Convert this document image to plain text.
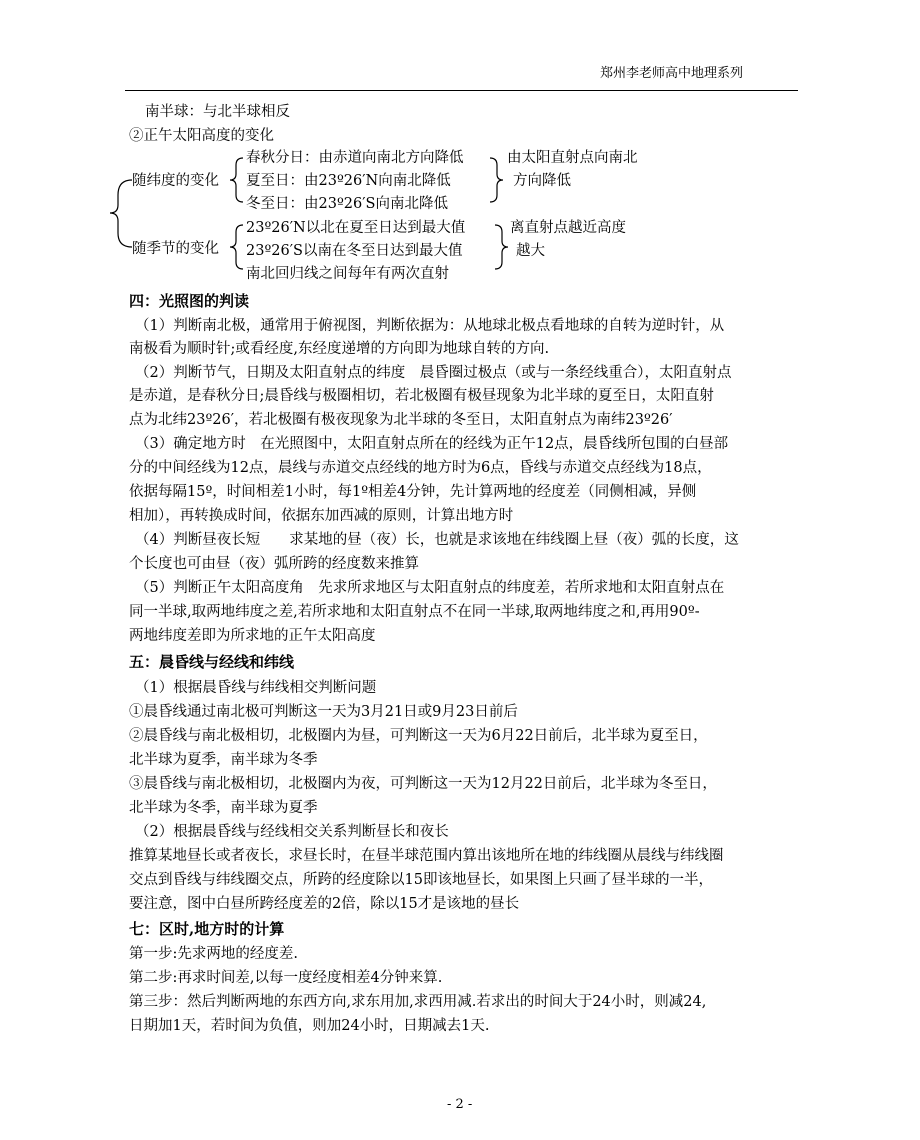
郑州李老师高中地理系列
南半球：与北半球相反
②正午太阳高度的变化
随纬度的变化
春秋分日：由赤道向南北方向降低
夏至日：由23º26′N向南北降低
冬至日：由23º26′S向南北降低
由太阳直射点向南北
方向降低
随季节的变化
23º26′N以北在夏至日达到最大值
23º26′S以南在冬至日达到最大值
南北回归线之间每年有两次直射
离直射点越近高度
越大
四：光照图的判读
（1）判断南北极，通常用于俯视图，判断依据为：从地球北极点看地球的自转为逆时针，从
南极看为顺时针;或看经度,东经度递增的方向即为地球自转的方向.
（2）判断节气，日期及太阳直射点的纬度　晨昏圈过极点（或与一条经线重合），太阳直射点
是赤道，是春秋分日;晨昏线与极圈相切，若北极圈有极昼现象为北半球的夏至日，太阳直射
点为北纬23º26′，若北极圈有极夜现象为北半球的冬至日，太阳直射点为南纬23º26′
（3）确定地方时　在光照图中，太阳直射点所在的经线为正午12点，晨昏线所包围的白昼部
分的中间经线为12点，晨线与赤道交点经线的地方时为6点，昏线与赤道交点经线为18点，
依据每隔15º，时间相差1小时，每1º相差4分钟，先计算两地的经度差（同侧相减，异侧
相加），再转换成时间，依据东加西减的原则，计算出地方时
（4）判断昼夜长短　　求某地的昼（夜）长，也就是求该地在纬线圈上昼（夜）弧的长度，这
个长度也可由昼（夜）弧所跨的经度数来推算
（5）判断正午太阳高度角　先求所求地区与太阳直射点的纬度差，若所求地和太阳直射点在
同一半球,取两地纬度之差,若所求地和太阳直射点不在同一半球,取两地纬度之和,再用90º-
两地纬度差即为所求地的正午太阳高度
五：晨昏线与经线和纬线
（1）根据晨昏线与纬线相交判断问题
①晨昏线通过南北极可判断这一天为3月21日或9月23日前后
②晨昏线与南北极相切，北极圈内为昼，可判断这一天为6月22日前后，北半球为夏至日，
北半球为夏季，南半球为冬季
③晨昏线与南北极相切，北极圈内为夜，可判断这一天为12月22日前后，北半球为冬至日，
北半球为冬季，南半球为夏季
（2）根据晨昏线与经线相交关系判断昼长和夜长
推算某地昼长或者夜长，求昼长时，在昼半球范围内算出该地所在地的纬线圈从晨线与纬线圈
交点到昏线与纬线圈交点，所跨的经度除以15即该地昼长，如果图上只画了昼半球的一半，
要注意，图中白昼所跨经度差的2倍，除以15才是该地的昼长
七：区时,地方时的计算
第一步:先求两地的经度差.
第二步:再求时间差,以每一度经度相差4分钟来算.
第三步：然后判断两地的东西方向,求东用加,求西用减.若求出的时间大于24小时，则减24,
日期加1天，若时间为负值，则加24小时，日期减去1天.
- 2 -
